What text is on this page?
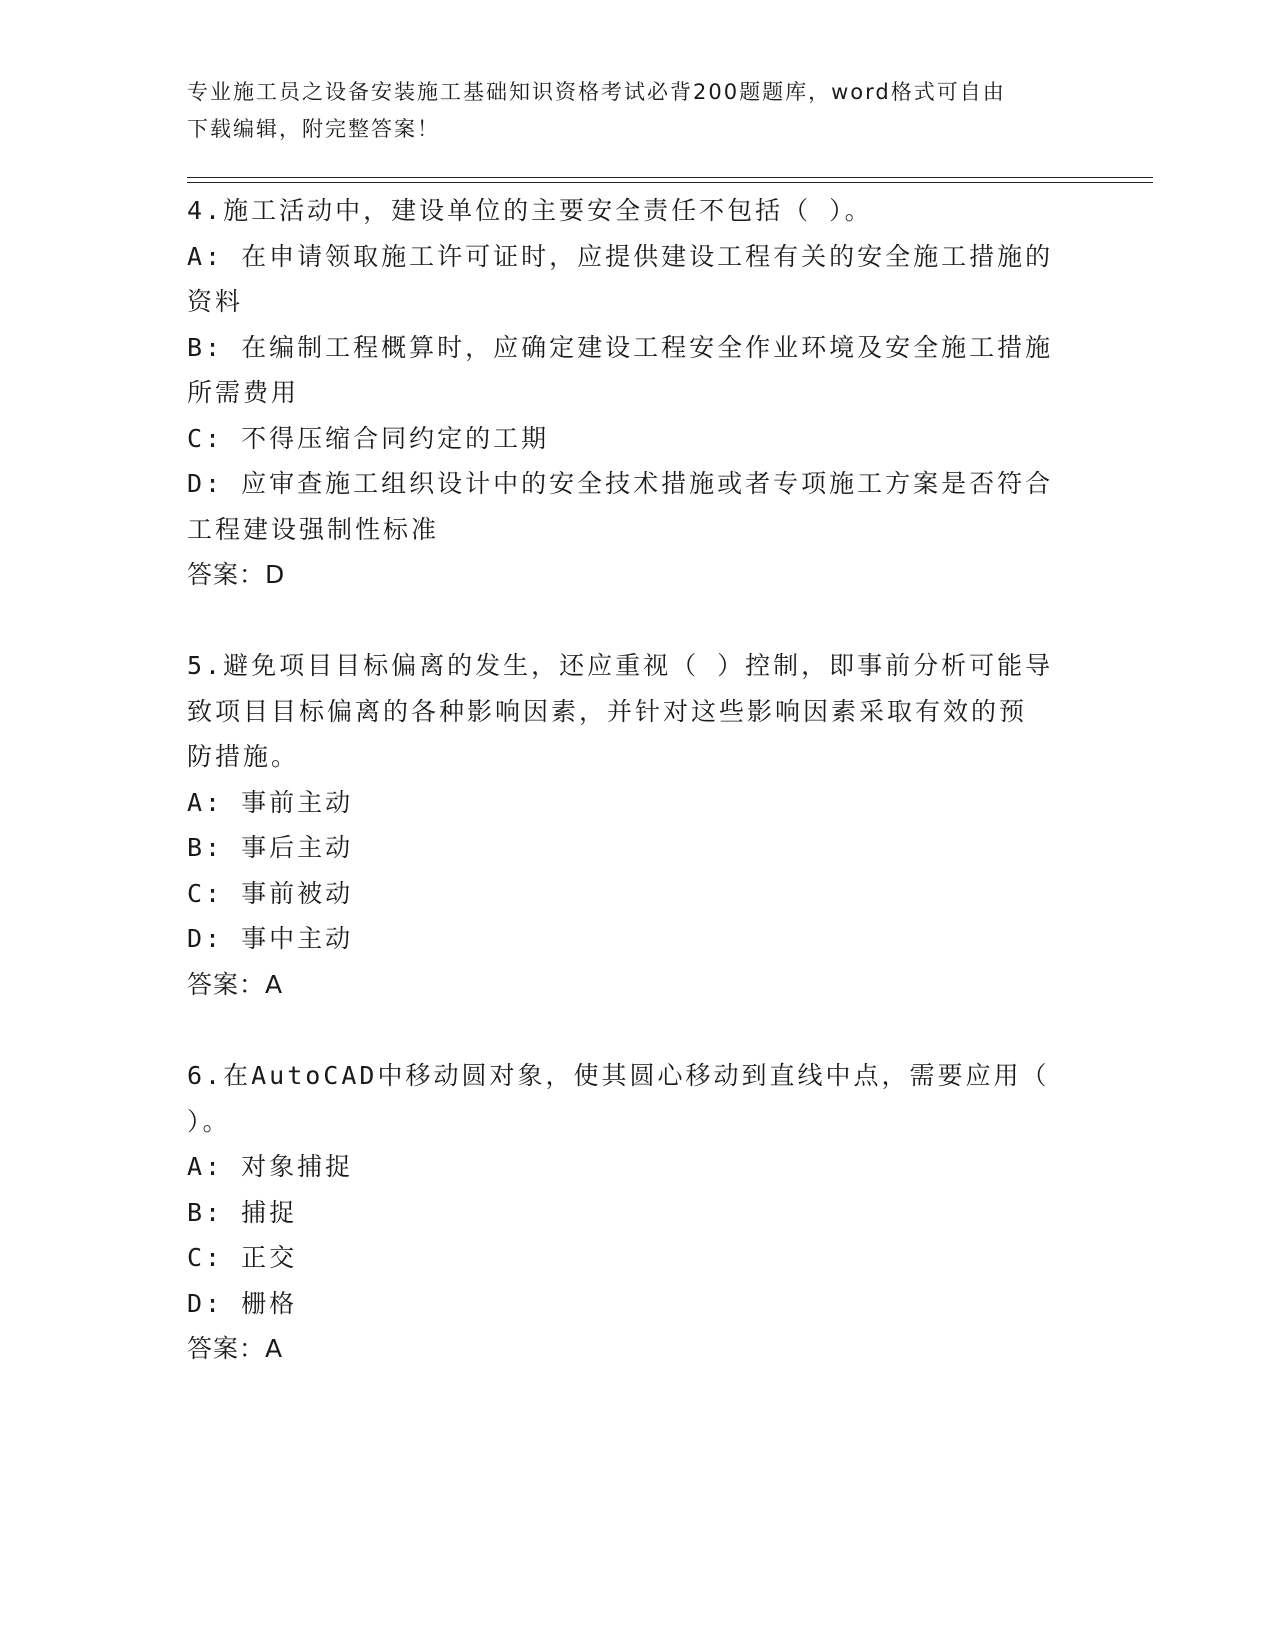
专业施工员之设备安装施工基础知识资格考试必背200题题库，word格式可自由
下载编辑，附完整答案！

4.施工活动中，建设单位的主要安全责任不包括（ ）。

A: 在申请领取施工许可证时，应提供建设工程有关的安全施工措施的

资料

B: 在编制工程概算时，应确定建设工程安全作业环境及安全施工措施

所需费用

C: 不得压缩合同约定的工期

D: 应审查施工组织设计中的安全技术措施或者专项施工方案是否符合

工程建设强制性标准

答案：D

5.避免项目目标偏离的发生，还应重视（ ）控制，即事前分析可能导

致项目目标偏离的各种影响因素，并针对这些影响因素采取有效的预

防措施。

A: 事前主动

B: 事后主动

C: 事前被动

D: 事中主动

答案：A

6.在AutoCAD中移动圆对象，使其圆心移动到直线中点，需要应用（

）。

A: 对象捕捉

B: 捕捉

C: 正交

D: 栅格

答案：A
